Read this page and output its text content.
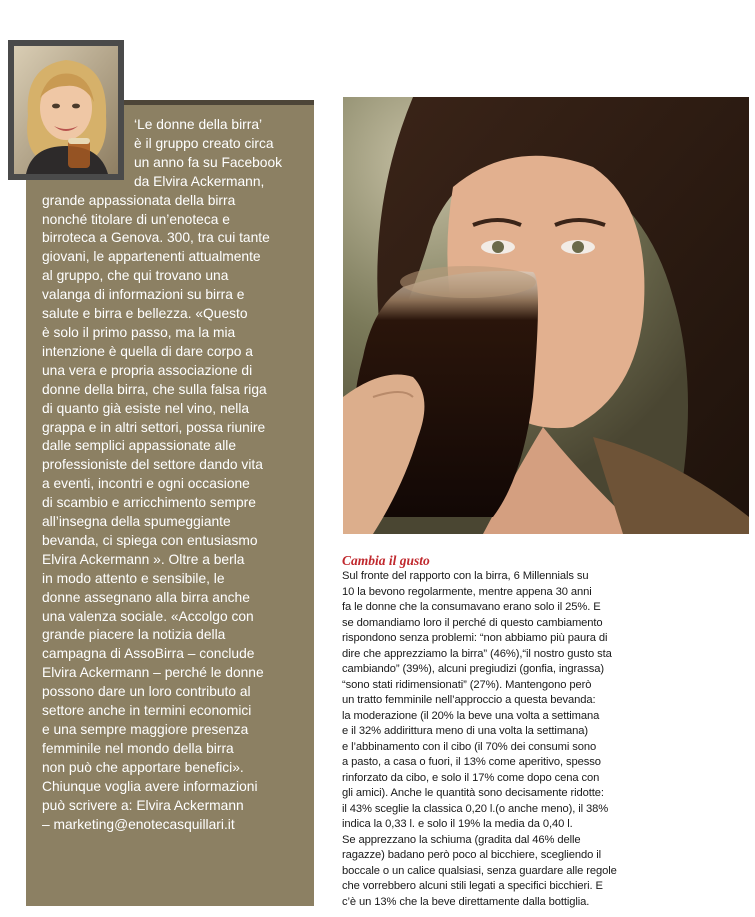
‘Le donne della birra’
è il gruppo creato circa
un anno fa su Facebook
da Elvira Ackermann,
grande appassionata della birra
nonché titolare di un’enoteca e
birroteca a Genova. 300, tra cui tante
giovani, le appartenenti attualmente
al gruppo, che qui trovano una
valanga di informazioni su birra e
salute e birra e bellezza. «Questo
è solo il primo passo, ma la mia
intenzione è quella di dare corpo a
una vera e propria associazione di
donne della birra, che sulla falsa riga
di quanto già esiste nel vino, nella
grappa e in altri settori, possa riunire
dalle semplici appassionate alle
professioniste del settore dando vita
a eventi, incontri e ogni occasione
di scambio e arricchimento sempre
all’insegna della spumeggiante
bevanda, ci spiega con entusiasmo
Elvira Ackermann ». Oltre a berla
in modo attento e sensibile, le
donne assegnano alla birra anche
una valenza sociale. «Accolgo con
grande piacere la notizia della
campagna di AssoBirra – conclude
Elvira Ackermann – perché le donne
possono dare un loro contributo al
settore anche in termini economici
e una sempre maggiore presenza
femminile nel mondo della birra
non può che apportare benefici».
Chiunque voglia avere informazioni
può scrivere a: Elvira Ackermann
– marketing@enotecasquillari.it
Cambia il gusto
Sul fronte del rapporto con la birra, 6 Millennials su
10 la bevono regolarmente, mentre appena 30 anni
fa le donne che la consumavano erano solo il 25%. E
se domandiamo loro il perché di questo cambiamento
rispondono senza problemi: “non abbiamo più paura di
dire che apprezziamo la birra” (46%),“il nostro gusto sta
cambiando” (39%), alcuni pregiudizi (gonfia, ingrassa)
“sono stati ridimensionati” (27%). Mantengono però
un tratto femminile nell’approccio a questa bevanda:
la moderazione (il 20% la beve una volta a settimana
e il 32% addirittura meno di una volta la settimana)
e l’abbinamento con il cibo (il 70% dei consumi sono
a pasto, a casa o fuori, il 13% come aperitivo, spesso
rinforzato da cibo, e solo il 17% come dopo cena con
gli amici). Anche le quantità sono decisamente ridotte:
il 43% sceglie la classica 0,20 l.(o anche meno), il 38%
indica la 0,33 l. e solo il 19% la media da 0,40 l.
Se apprezzano la schiuma (gradita dal 46% delle
ragazze) badano però poco al bicchiere, scegliendo il
boccale o un calice qualsiasi, senza guardare alle regole
che vorrebbero alcuni stili legati a specifici bicchieri. E
c’è un 13% che la beve direttamente dalla bottiglia.
